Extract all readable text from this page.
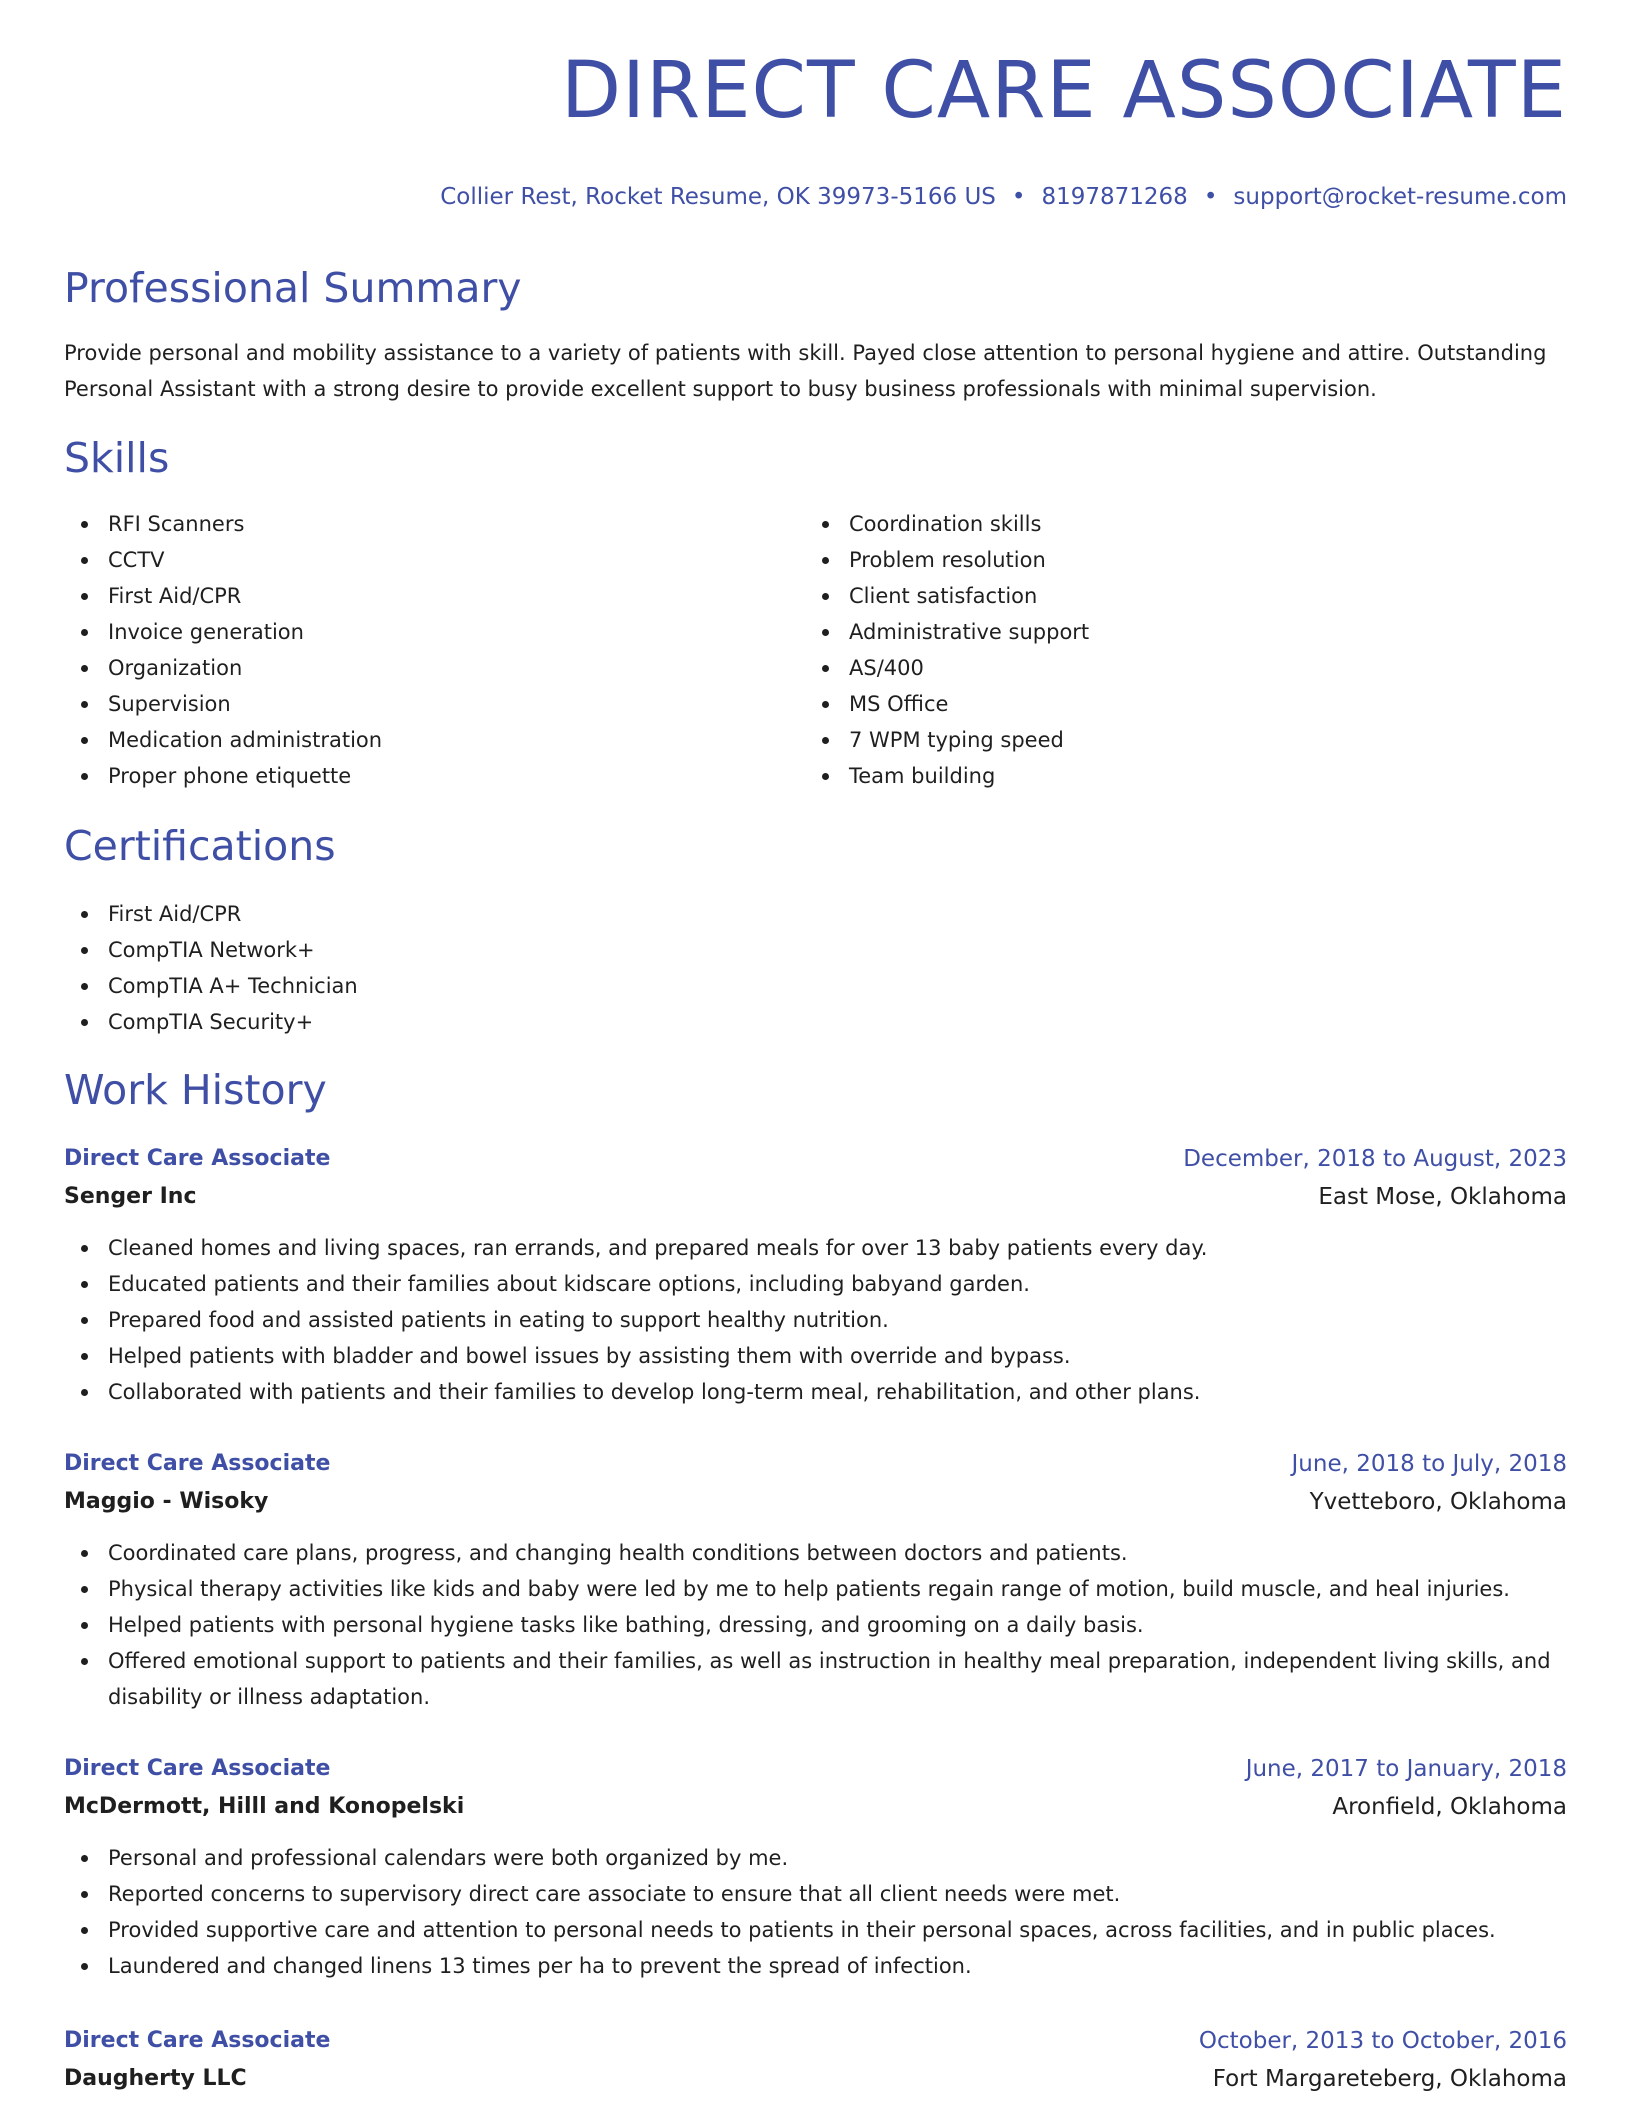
DIRECT CARE ASSOCIATE
Collier Rest, Rocket Resume, OK 39973-5166 US • 8197871268 • support@rocket-resume.com
Professional Summary

Provide personal and mobility assistance to a variety of patients with skill. Payed close attention to personal hygiene and attire. Outstanding Personal Assistant with a strong desire to provide excellent support to busy business professionals with minimal supervision.

Skills
RFI Scanners
CCTV
First Aid/CPR
Invoice generation
Organization
Supervision
Medication administration
Proper phone etiquette
Coordination skills
Problem resolution
Client satisfaction
Administrative support
AS/400
MS Office
7 WPM typing speed
Team building
Certifications
First Aid/CPR
CompTIA Network+
CompTIA A+ Technician
CompTIA Security+
Work History
Direct Care Associate	December, 2018 to August, 2023
Senger Inc	East Mose, Oklahoma
Cleaned homes and living spaces, ran errands, and prepared meals for over 13 baby patients every day.
Educated patients and their families about kidscare options, including babyand garden.
Prepared food and assisted patients in eating to support healthy nutrition.
Helped patients with bladder and bowel issues by assisting them with override and bypass.
Collaborated with patients and their families to develop long-term meal, rehabilitation, and other plans.
Direct Care Associate	June, 2018 to July, 2018
Maggio - Wisoky	Yvetteboro, Oklahoma
Coordinated care plans, progress, and changing health conditions between doctors and patients.
Physical therapy activities like kids and baby were led by me to help patients regain range of motion, build muscle, and heal injuries.
Helped patients with personal hygiene tasks like bathing, dressing, and grooming on a daily basis.
Offered emotional support to patients and their families, as well as instruction in healthy meal preparation, independent living skills, and disability or illness adaptation.
Direct Care Associate	June, 2017 to January, 2018
McDermott, Hilll and Konopelski	Aronfield, Oklahoma
Personal and professional calendars were both organized by me.
Reported concerns to supervisory direct care associate to ensure that all client needs were met.
Provided supportive care and attention to personal needs to patients in their personal spaces, across facilities, and in public places.
Laundered and changed linens 13 times per ha to prevent the spread of infection.
Direct Care Associate	October, 2013 to October, 2016
Daugherty LLC	Fort Margareteberg, Oklahoma
